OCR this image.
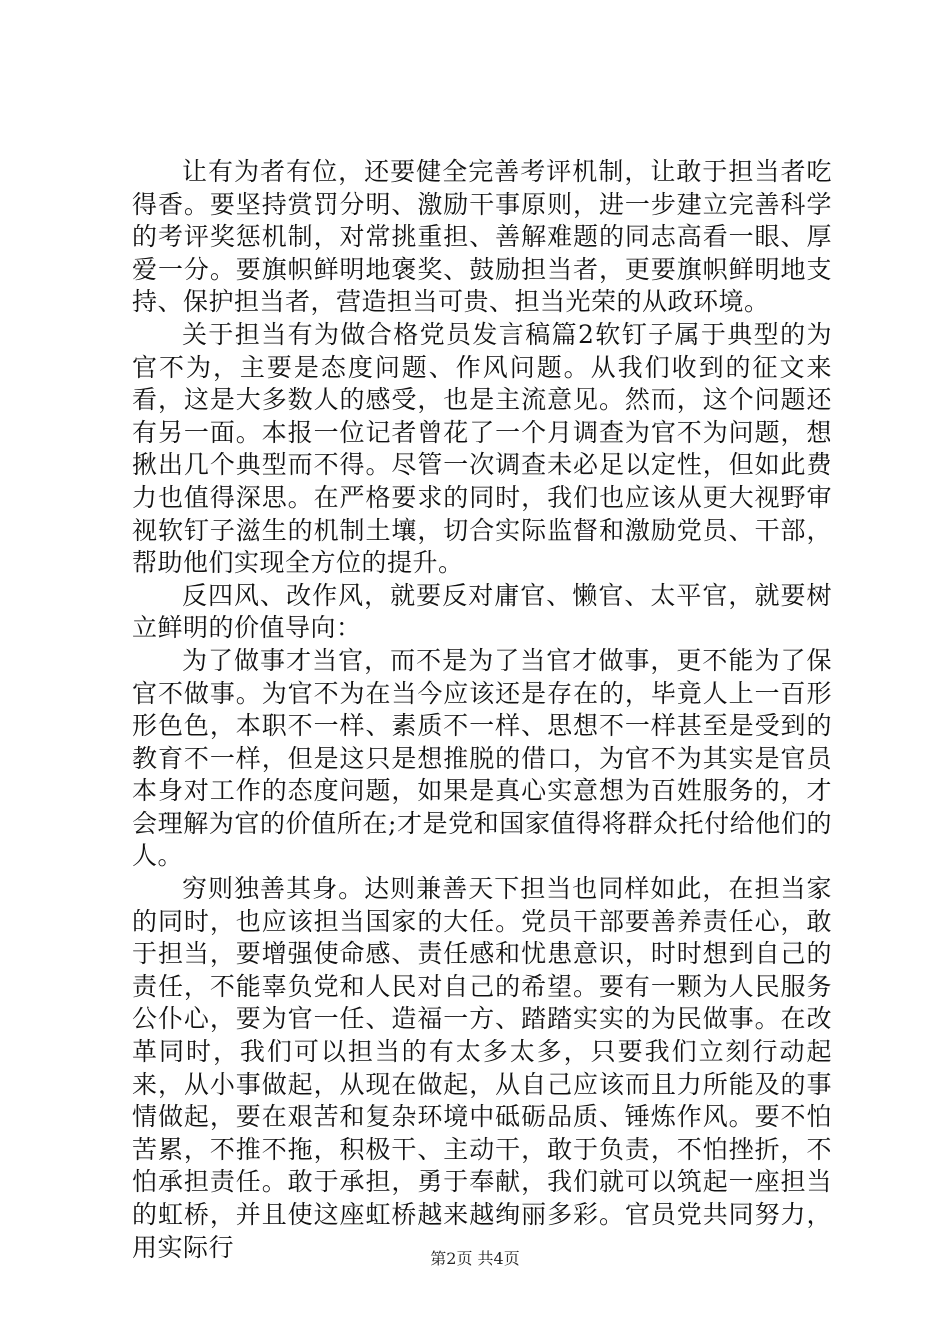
让有为者有位，还要健全完善考评机制，让敢于担当者吃得香。要坚持赏罚分明、激励干事原则，进一步建立完善科学的考评奖惩机制，对常挑重担、善解难题的同志高看一眼、厚爱一分。要旗帜鲜明地褒奖、鼓励担当者，更要旗帜鲜明地支持、保护担当者，营造担当可贵、担当光荣的从政环境。

关于担当有为做合格党员发言稿篇2软钉子属于典型的为官不为，主要是态度问题、作风问题。从我们收到的征文来看，这是大多数人的感受，也是主流意见。然而，这个问题还有另一面。本报一位记者曾花了一个月调查为官不为问题，想揪出几个典型而不得。尽管一次调查未必足以定性，但如此费力也值得深思。在严格要求的同时，我们也应该从更大视野审视软钉子滋生的机制土壤，切合实际监督和激励党员、干部，帮助他们实现全方位的提升。

反四风、改作风，就要反对庸官、懒官、太平官，就要树立鲜明的价值导向：

为了做事才当官，而不是为了当官才做事，更不能为了保官不做事。为官不为在当今应该还是存在的，毕竟人上一百形形色色，本职不一样、素质不一样、思想不一样甚至是受到的教育不一样，但是这只是想推脱的借口，为官不为其实是官员本身对工作的态度问题，如果是真心实意想为百姓服务的，才会理解为官的价值所在;才是党和国家值得将群众托付给他们的人。

穷则独善其身。达则兼善天下担当也同样如此，在担当家的同时，也应该担当国家的大任。党员干部要善养责任心，敢于担当，要增强使命感、责任感和忧患意识，时时想到自己的责任，不能辜负党和人民对自己的希望。要有一颗为人民服务公仆心，要为官一任、造福一方、踏踏实实的为民做事。在改革同时，我们可以担当的有太多太多，只要我们立刻行动起来，从小事做起，从现在做起，从自己应该而且力所能及的事情做起，要在艰苦和复杂环境中砥砺品质、锤炼作风。要不怕苦累，不推不拖，积极干、主动干，敢于负责，不怕挫折，不怕承担责任。敢于承担，勇于奉献，我们就可以筑起一座担当的虹桥，并且使这座虹桥越来越绚丽多彩。官员党共同努力，用实际行	第2页 共4页
